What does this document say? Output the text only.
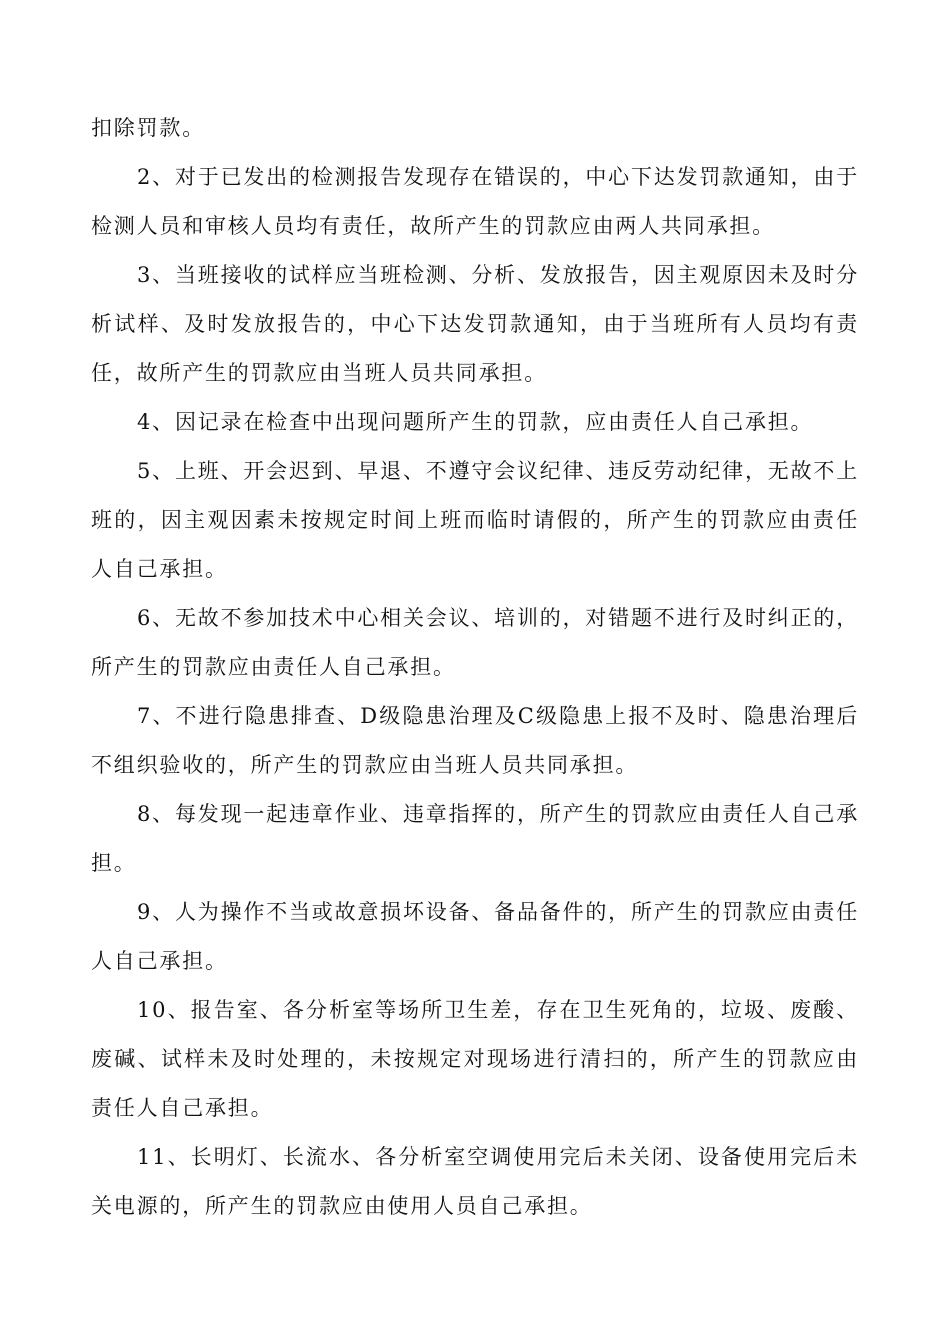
扣除罚款。

2、对于已发出的检测报告发现存在错误的，中心下达发罚款通知，由于检测人员和审核人员均有责任，故所产生的罚款应由两人共同承担。

3、当班接收的试样应当班检测、分析、发放报告，因主观原因未及时分析试样、及时发放报告的，中心下达发罚款通知，由于当班所有人员均有责任，故所产生的罚款应由当班人员共同承担。

4、因记录在检查中出现问题所产生的罚款，应由责任人自己承担。

5、上班、开会迟到、早退、不遵守会议纪律、违反劳动纪律，无故不上班的，因主观因素未按规定时间上班而临时请假的，所产生的罚款应由责任人自己承担。

6、无故不参加技术中心相关会议、培训的，对错题不进行及时纠正的，所产生的罚款应由责任人自己承担。

7、不进行隐患排查、D级隐患治理及C级隐患上报不及时、隐患治理后不组织验收的，所产生的罚款应由当班人员共同承担。

8、每发现一起违章作业、违章指挥的，所产生的罚款应由责任人自己承担。

9、人为操作不当或故意损坏设备、备品备件的，所产生的罚款应由责任人自己承担。

10、报告室、各分析室等场所卫生差，存在卫生死角的，垃圾、废酸、废碱、试样未及时处理的，未按规定对现场进行清扫的，所产生的罚款应由责任人自己承担。

11、长明灯、长流水、各分析室空调使用完后未关闭、设备使用完后未关电源的，所产生的罚款应由使用人员自己承担。
